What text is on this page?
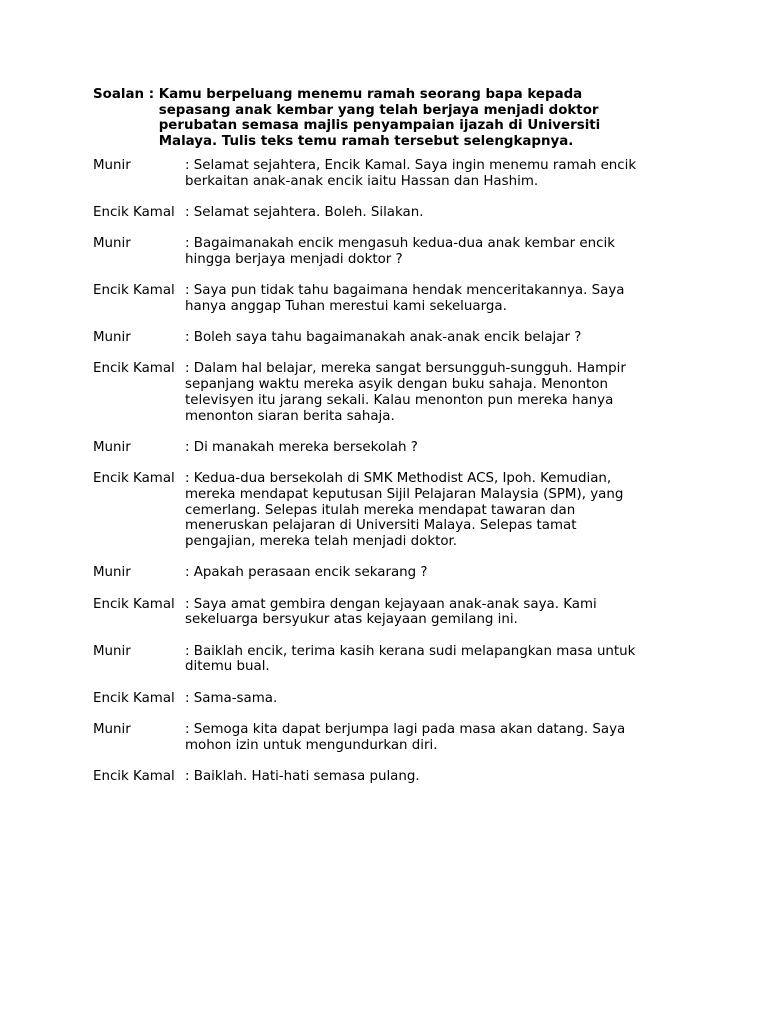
Soalan : Kamu berpeluang menemu ramah seorang bapa kepada
sepasang anak kembar yang telah berjaya menjadi doktor
perubatan semasa majlis penyampaian ijazah di Universiti
Malaya. Tulis teks temu ramah tersebut selengkapnya.
Munir	: Selamat sejahtera, Encik Kamal. Saya ingin menemu ramah encik
berkaitan anak-anak encik iaitu Hassan dan Hashim.
Encik Kamal : Selamat sejahtera. Boleh. Silakan.
Munir	: Bagaimanakah encik mengasuh kedua-dua anak kembar encik
hingga berjaya menjadi doktor ?
Encik Kamal : Saya pun tidak tahu bagaimana hendak menceritakannya. Saya
hanya anggap Tuhan merestui kami sekeluarga.
Munir	: Boleh saya tahu bagaimanakah anak-anak encik belajar ?
Encik Kamal : Dalam hal belajar, mereka sangat bersungguh-sungguh. Hampir
sepanjang waktu mereka asyik dengan buku sahaja. Menonton
televisyen itu jarang sekali. Kalau menonton pun mereka hanya
menonton siaran berita sahaja.
Munir	: Di manakah mereka bersekolah ?
Encik Kamal : Kedua-dua bersekolah di SMK Methodist ACS, Ipoh. Kemudian,
mereka mendapat keputusan Sijil Pelajaran Malaysia (SPM), yang
cemerlang. Selepas itulah mereka mendapat tawaran dan
meneruskan pelajaran di Universiti Malaya. Selepas tamat
pengajian, mereka telah menjadi doktor.
Munir	: Apakah perasaan encik sekarang ?
Encik Kamal : Saya amat gembira dengan kejayaan anak-anak saya. Kami
sekeluarga bersyukur atas kejayaan gemilang ini.
Munir	: Baiklah encik, terima kasih kerana sudi melapangkan masa untuk
ditemu bual.
Encik Kamal : Sama-sama.
Munir	: Semoga kita dapat berjumpa lagi pada masa akan datang. Saya
mohon izin untuk mengundurkan diri.
Encik Kamal : Baiklah. Hati-hati semasa pulang.
